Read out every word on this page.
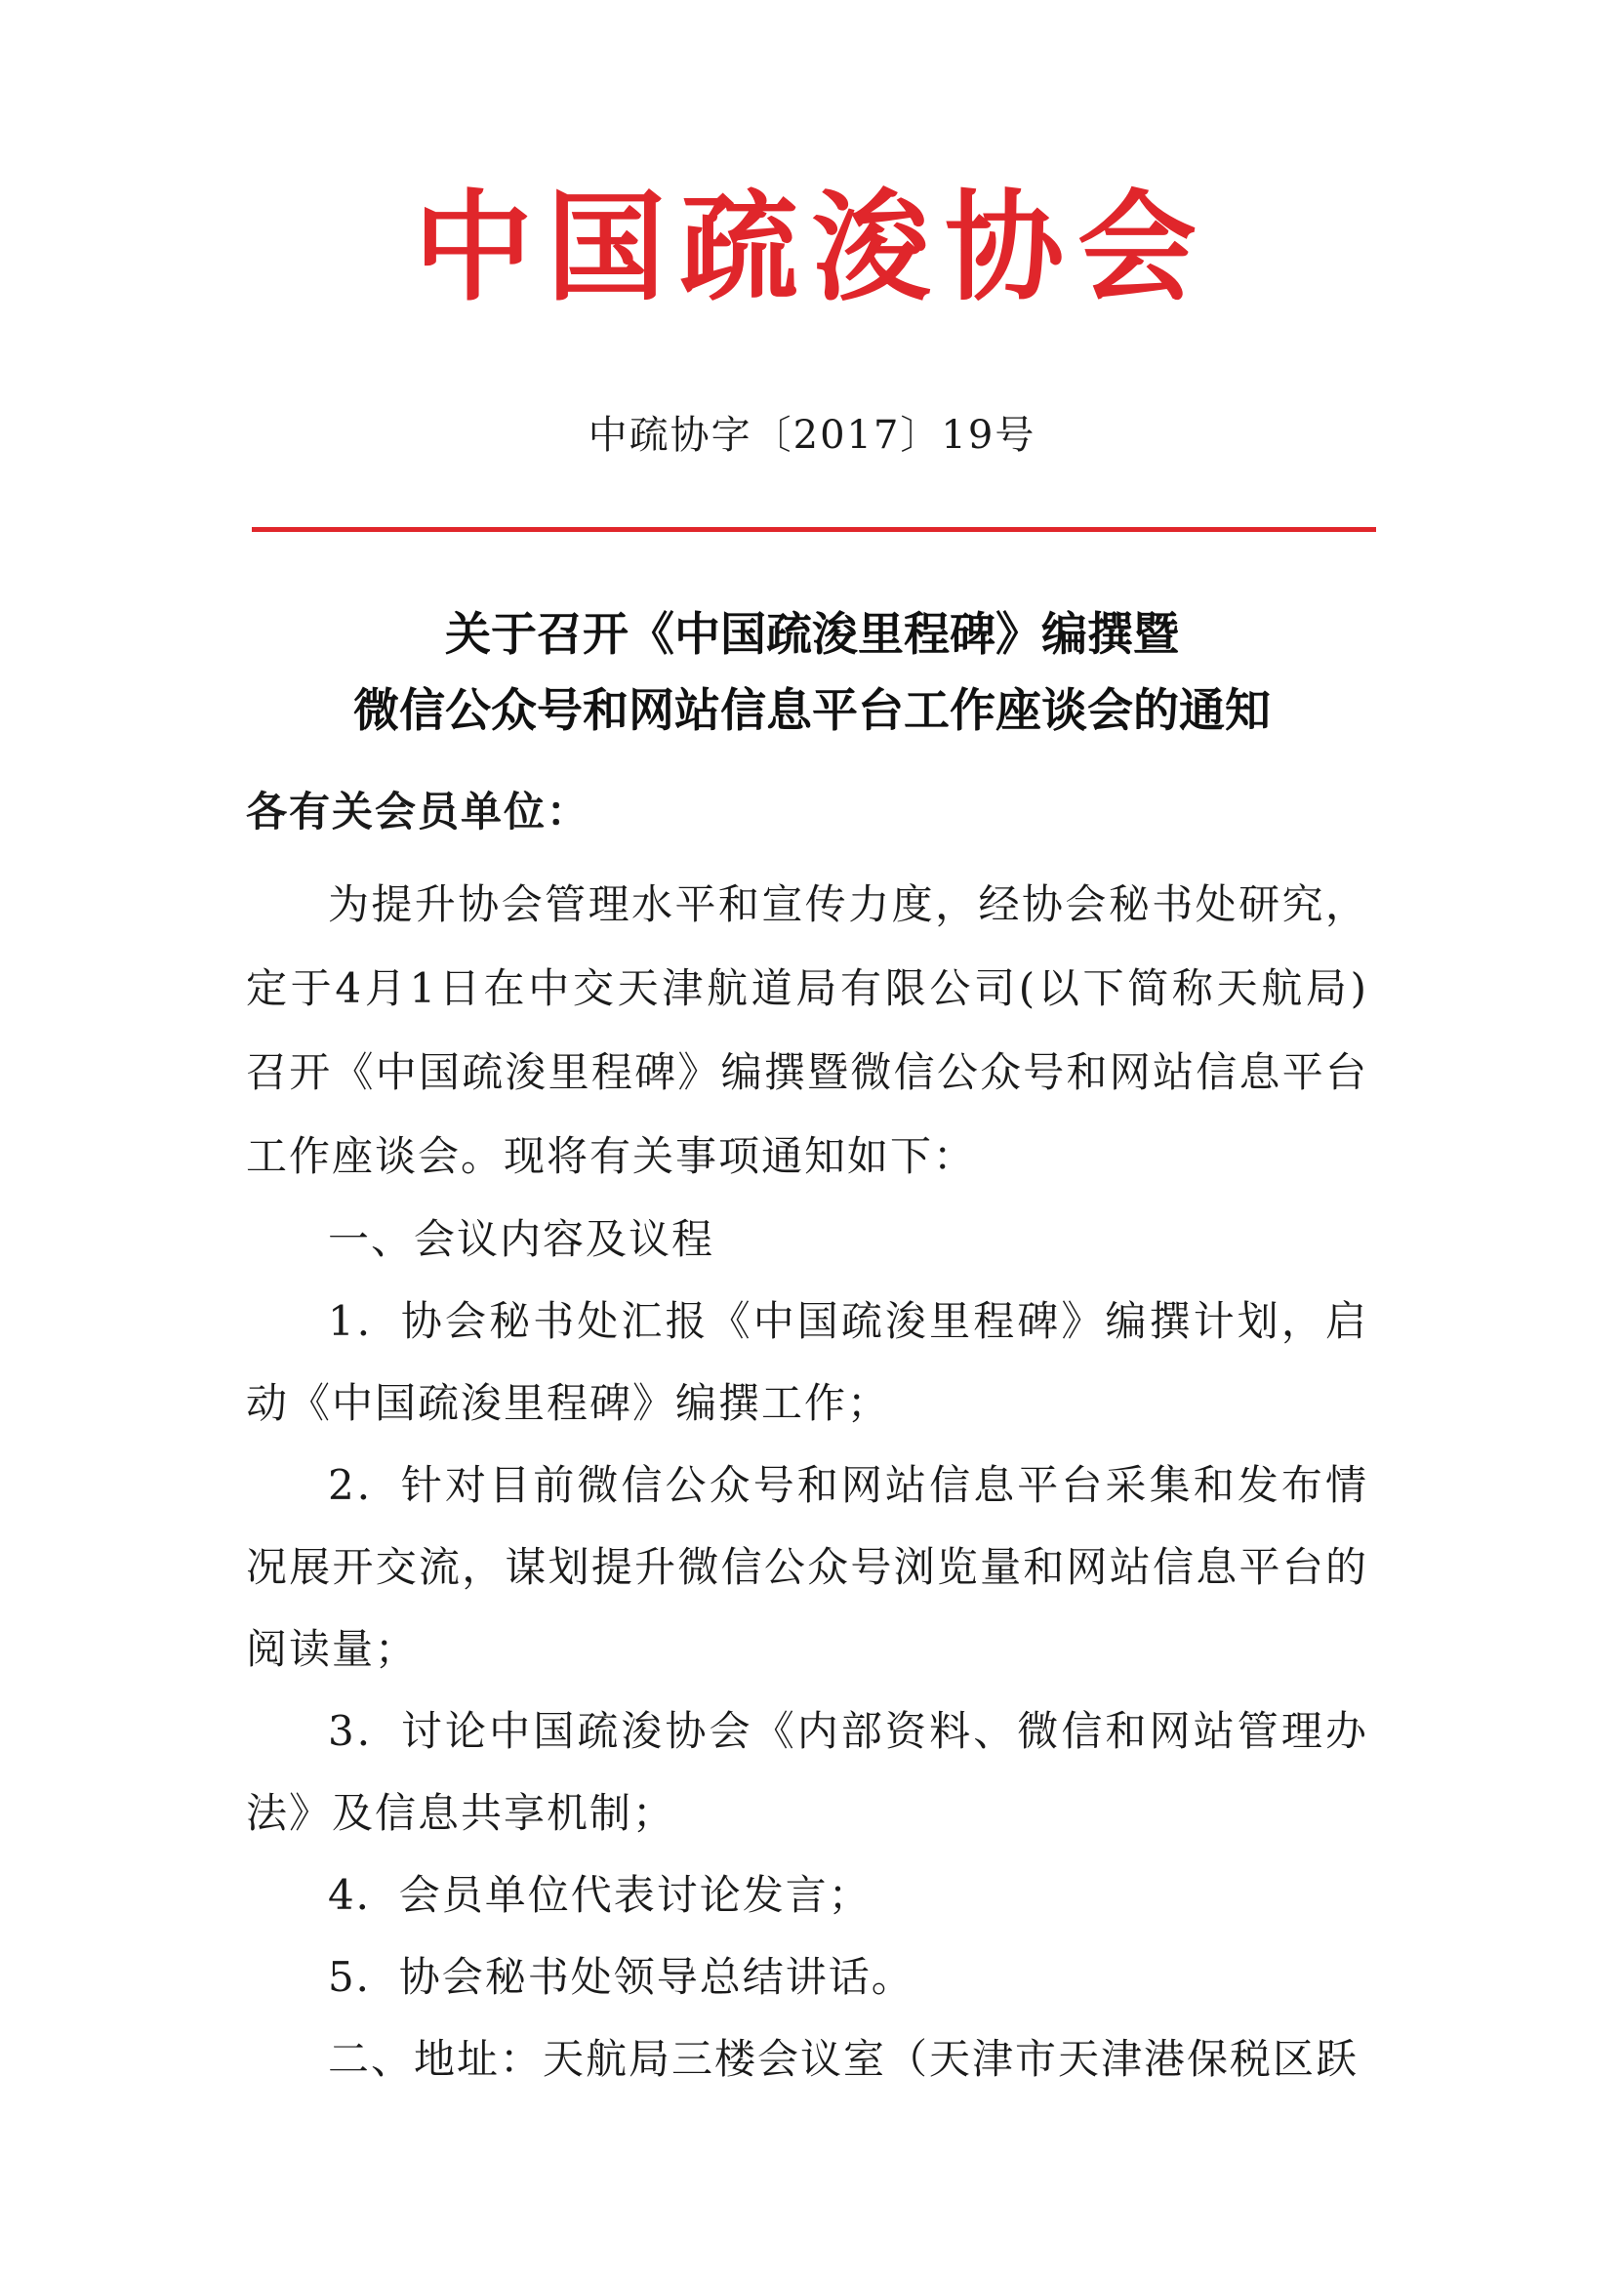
中国疏浚协会
中疏协字〔2017〕19号
关于召开《中国疏浚里程碑》编撰暨
微信公众号和网站信息平台工作座谈会的通知
各有关会员单位：

为提升协会管理水平和宣传力度，经协会秘书处研究，定于4月1日在中交天津航道局有限公司(以下简称天航局)召开《中国疏浚里程碑》编撰暨微信公众号和网站信息平台工作座谈会。现将有关事项通知如下：

一、会议内容及议程

1．协会秘书处汇报《中国疏浚里程碑》编撰计划，启动《中国疏浚里程碑》编撰工作；

2．针对目前微信公众号和网站信息平台采集和发布情况展开交流，谋划提升微信公众号浏览量和网站信息平台的阅读量；

3．讨论中国疏浚协会《内部资料、微信和网站管理办法》及信息共享机制；

4．会员单位代表讨论发言；

5．协会秘书处领导总结讲话。

二、地址：天航局三楼会议室（天津市天津港保税区跃
